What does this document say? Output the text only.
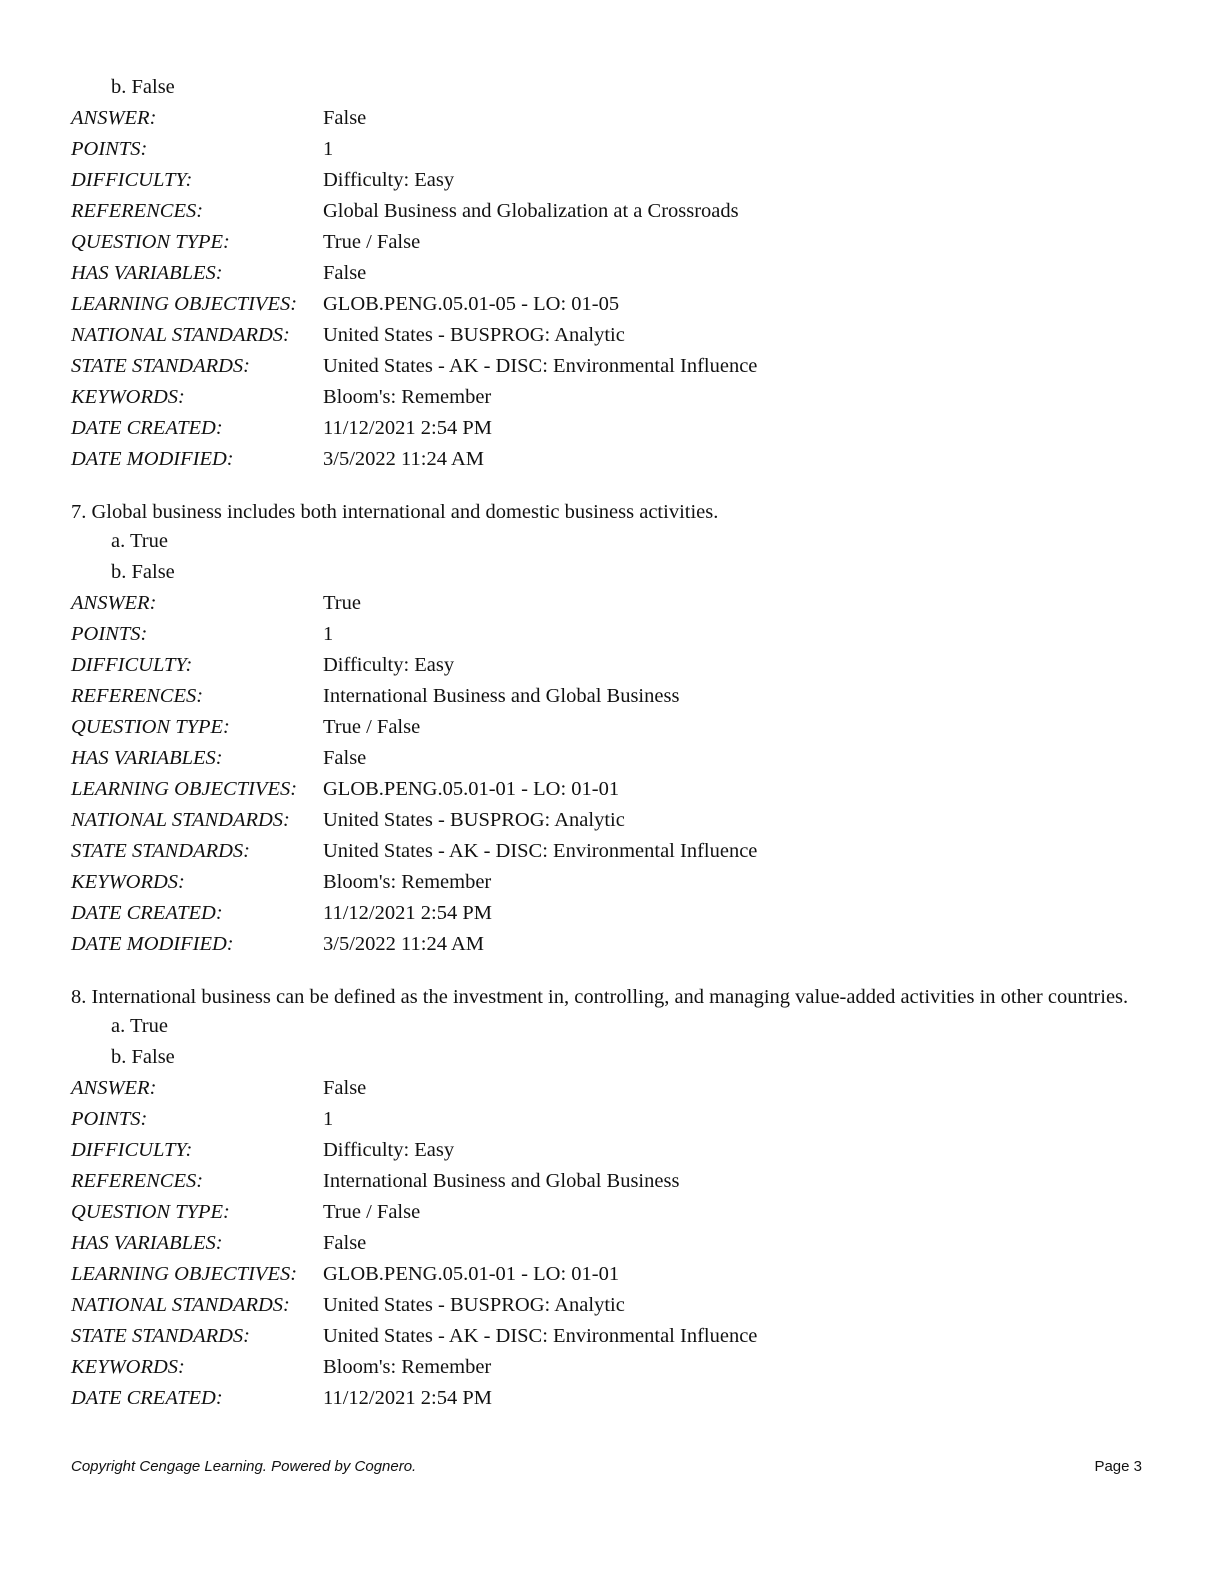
b. False
ANSWER:	False
POINTS:	1
DIFFICULTY:	Difficulty: Easy
REFERENCES:	Global Business and Globalization at a Crossroads
QUESTION TYPE:	True / False
HAS VARIABLES:	False
LEARNING OBJECTIVES:	GLOB.PENG.05.01-05 - LO: 01-05
NATIONAL STANDARDS:	United States - BUSPROG: Analytic
STATE STANDARDS:	United States - AK - DISC: Environmental Influence
KEYWORDS:	Bloom's: Remember
DATE CREATED:	11/12/2021 2:54 PM
DATE MODIFIED:	3/5/2022 11:24 AM
7. Global business includes both international and domestic business activities.
a. True
b. False
ANSWER:	True
POINTS:	1
DIFFICULTY:	Difficulty: Easy
REFERENCES:	International Business and Global Business
QUESTION TYPE:	True / False
HAS VARIABLES:	False
LEARNING OBJECTIVES:	GLOB.PENG.05.01-01 - LO: 01-01
NATIONAL STANDARDS:	United States - BUSPROG: Analytic
STATE STANDARDS:	United States - AK - DISC: Environmental Influence
KEYWORDS:	Bloom's: Remember
DATE CREATED:	11/12/2021 2:54 PM
DATE MODIFIED:	3/5/2022 11:24 AM
8. International business can be defined as the investment in, controlling, and managing value-added activities in other countries.
a. True
b. False
ANSWER:	False
POINTS:	1
DIFFICULTY:	Difficulty: Easy
REFERENCES:	International Business and Global Business
QUESTION TYPE:	True / False
HAS VARIABLES:	False
LEARNING OBJECTIVES:	GLOB.PENG.05.01-01 - LO: 01-01
NATIONAL STANDARDS:	United States - BUSPROG: Analytic
STATE STANDARDS:	United States - AK - DISC: Environmental Influence
KEYWORDS:	Bloom's: Remember
DATE CREATED:	11/12/2021 2:54 PM
Copyright Cengage Learning. Powered by Cognero.	Page 3
